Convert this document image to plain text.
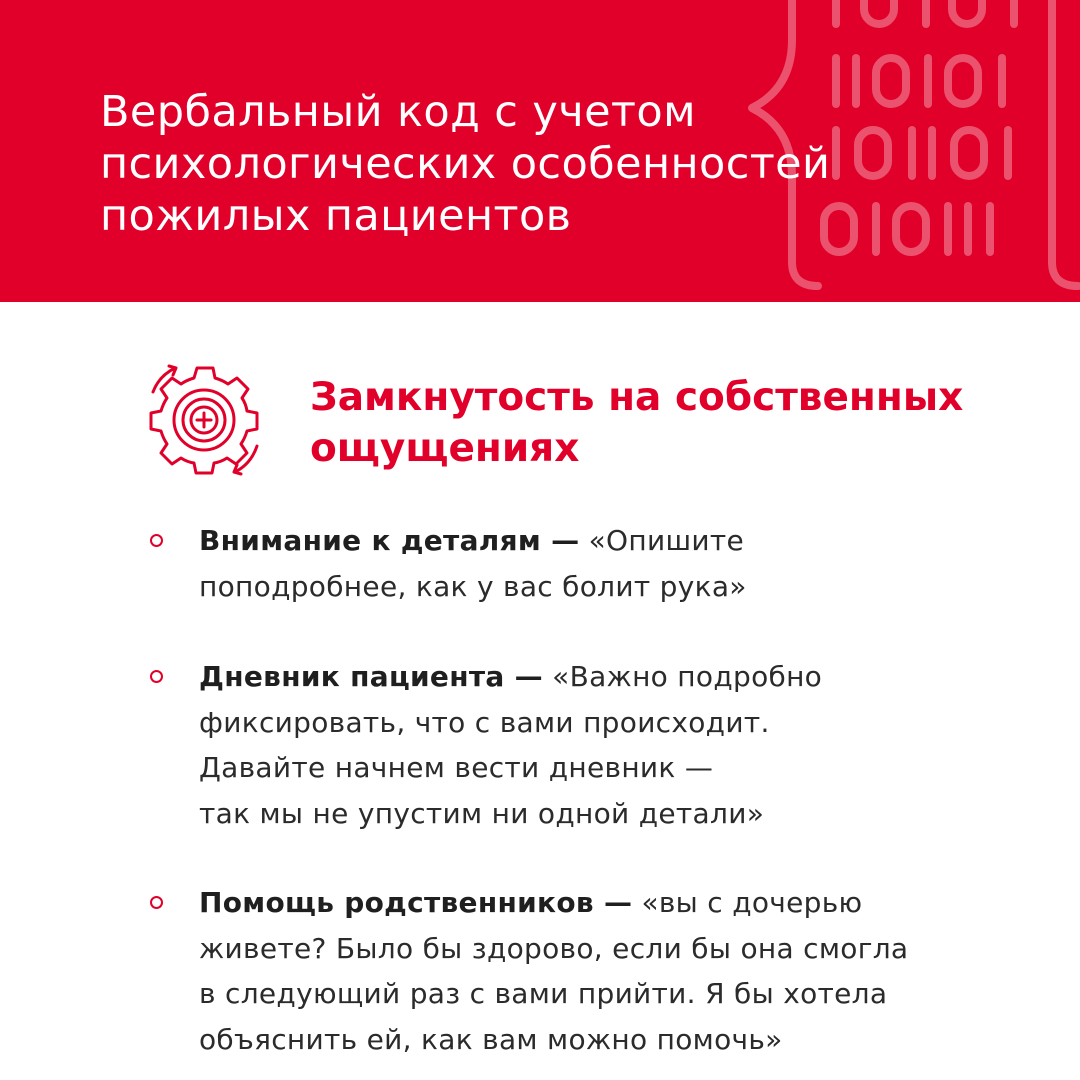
Вербальный код с учетом
психологических особенностей
пожилых пациентов
Замкнутость на собственных
ощущениях

Внимание к деталям — «Опишите
поподробнее, как у вас болит рука»

Дневник пациента — «Важно подробно
фиксировать, что с вами происходит.
Давайте начнем вести дневник —
так мы не упустим ни одной детали»

Помощь родственников — «вы с дочерью
живете? Было бы здорово, если бы она смогла
в следующий раз с вами прийти. Я бы хотела
объяснить ей, как вам можно помочь»
